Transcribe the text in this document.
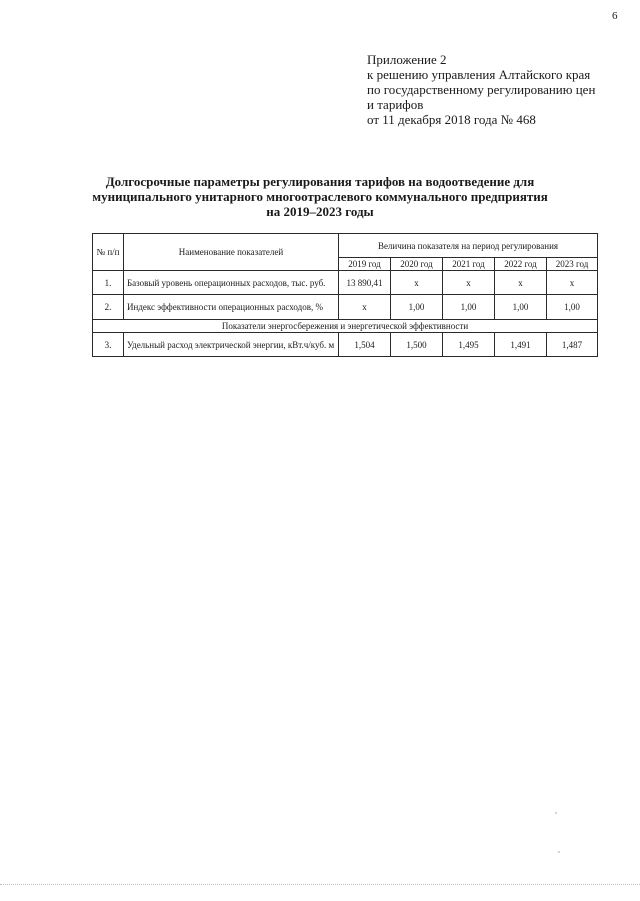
6
Приложение 2
к решению управления Алтайского края
по государственному регулированию цен
и тарифов
от 11 декабря 2018 года № 468
Долгосрочные параметры регулирования тарифов на водоотведение для
муниципального унитарного многоотраслевого коммунального предприятия
на 2019–2023 годы
№ п/п	Наименование показателей	Величина показателя на период регулирования				
		2019 год	2020 год	2021 год	2022 год	2023 год
1.	Базовый уровень операционных расходов, тыс. руб.	13 890,41	x	x	x	x
2.	Индекс эффективности операционных расходов, %	x	1,00	1,00	1,00	1,00
Показатели энергосбережения и энергетической эффективности						
3.	Удельный расход электрической энергии, кВт.ч/куб. м	1,504	1,500	1,495	1,491	1,487
